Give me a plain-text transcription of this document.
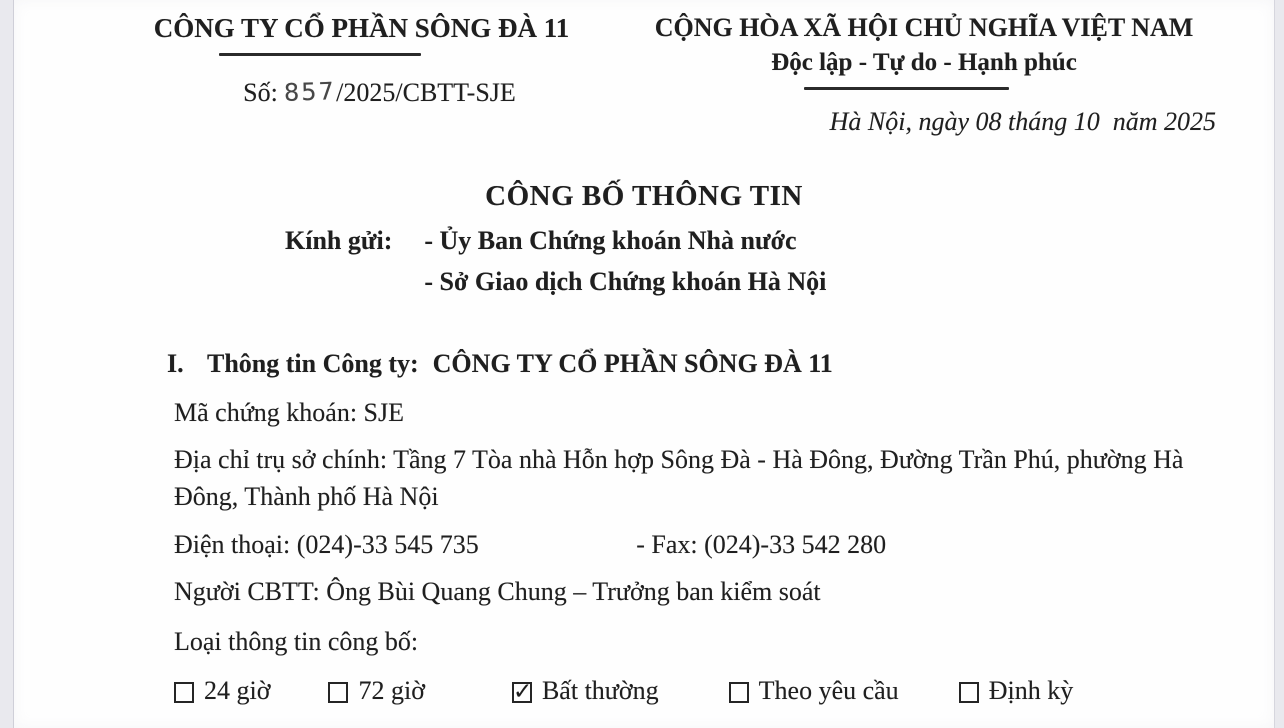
CÔNG TY CỔ PHẦN SÔNG ĐÀ 11
Số: 857/2025/CBTT-SJE
CỘNG HÒA XÃ HỘI CHỦ NGHĨA VIỆT NAM
Độc lập - Tự do - Hạnh phúc
Hà Nội, ngày 08 tháng 10  năm 2025
CÔNG BỐ THÔNG TIN
Kính gửi: - Ủy Ban Chứng khoán Nhà nước
- Sở Giao dịch Chứng khoán Hà Nội
I. Thông tin Công ty: CÔNG TY CỔ PHẦN SÔNG ĐÀ 11

Mã chứng khoán: SJE

Địa chỉ trụ sở chính: Tầng 7 Tòa nhà Hỗn hợp Sông Đà - Hà Đông, Đường Trần Phú, phường Hà Đông, Thành phố Hà Nội

Điện thoại: (024)-33 545 735	- Fax: (024)-33 542 280

Người CBTT: Ông Bùi Quang Chung – Trưởng ban kiểm soát

Loại thông tin công bố:

24 giờ	72 giờ	✓ Bất thường	Theo yêu cầu	Định kỳ
